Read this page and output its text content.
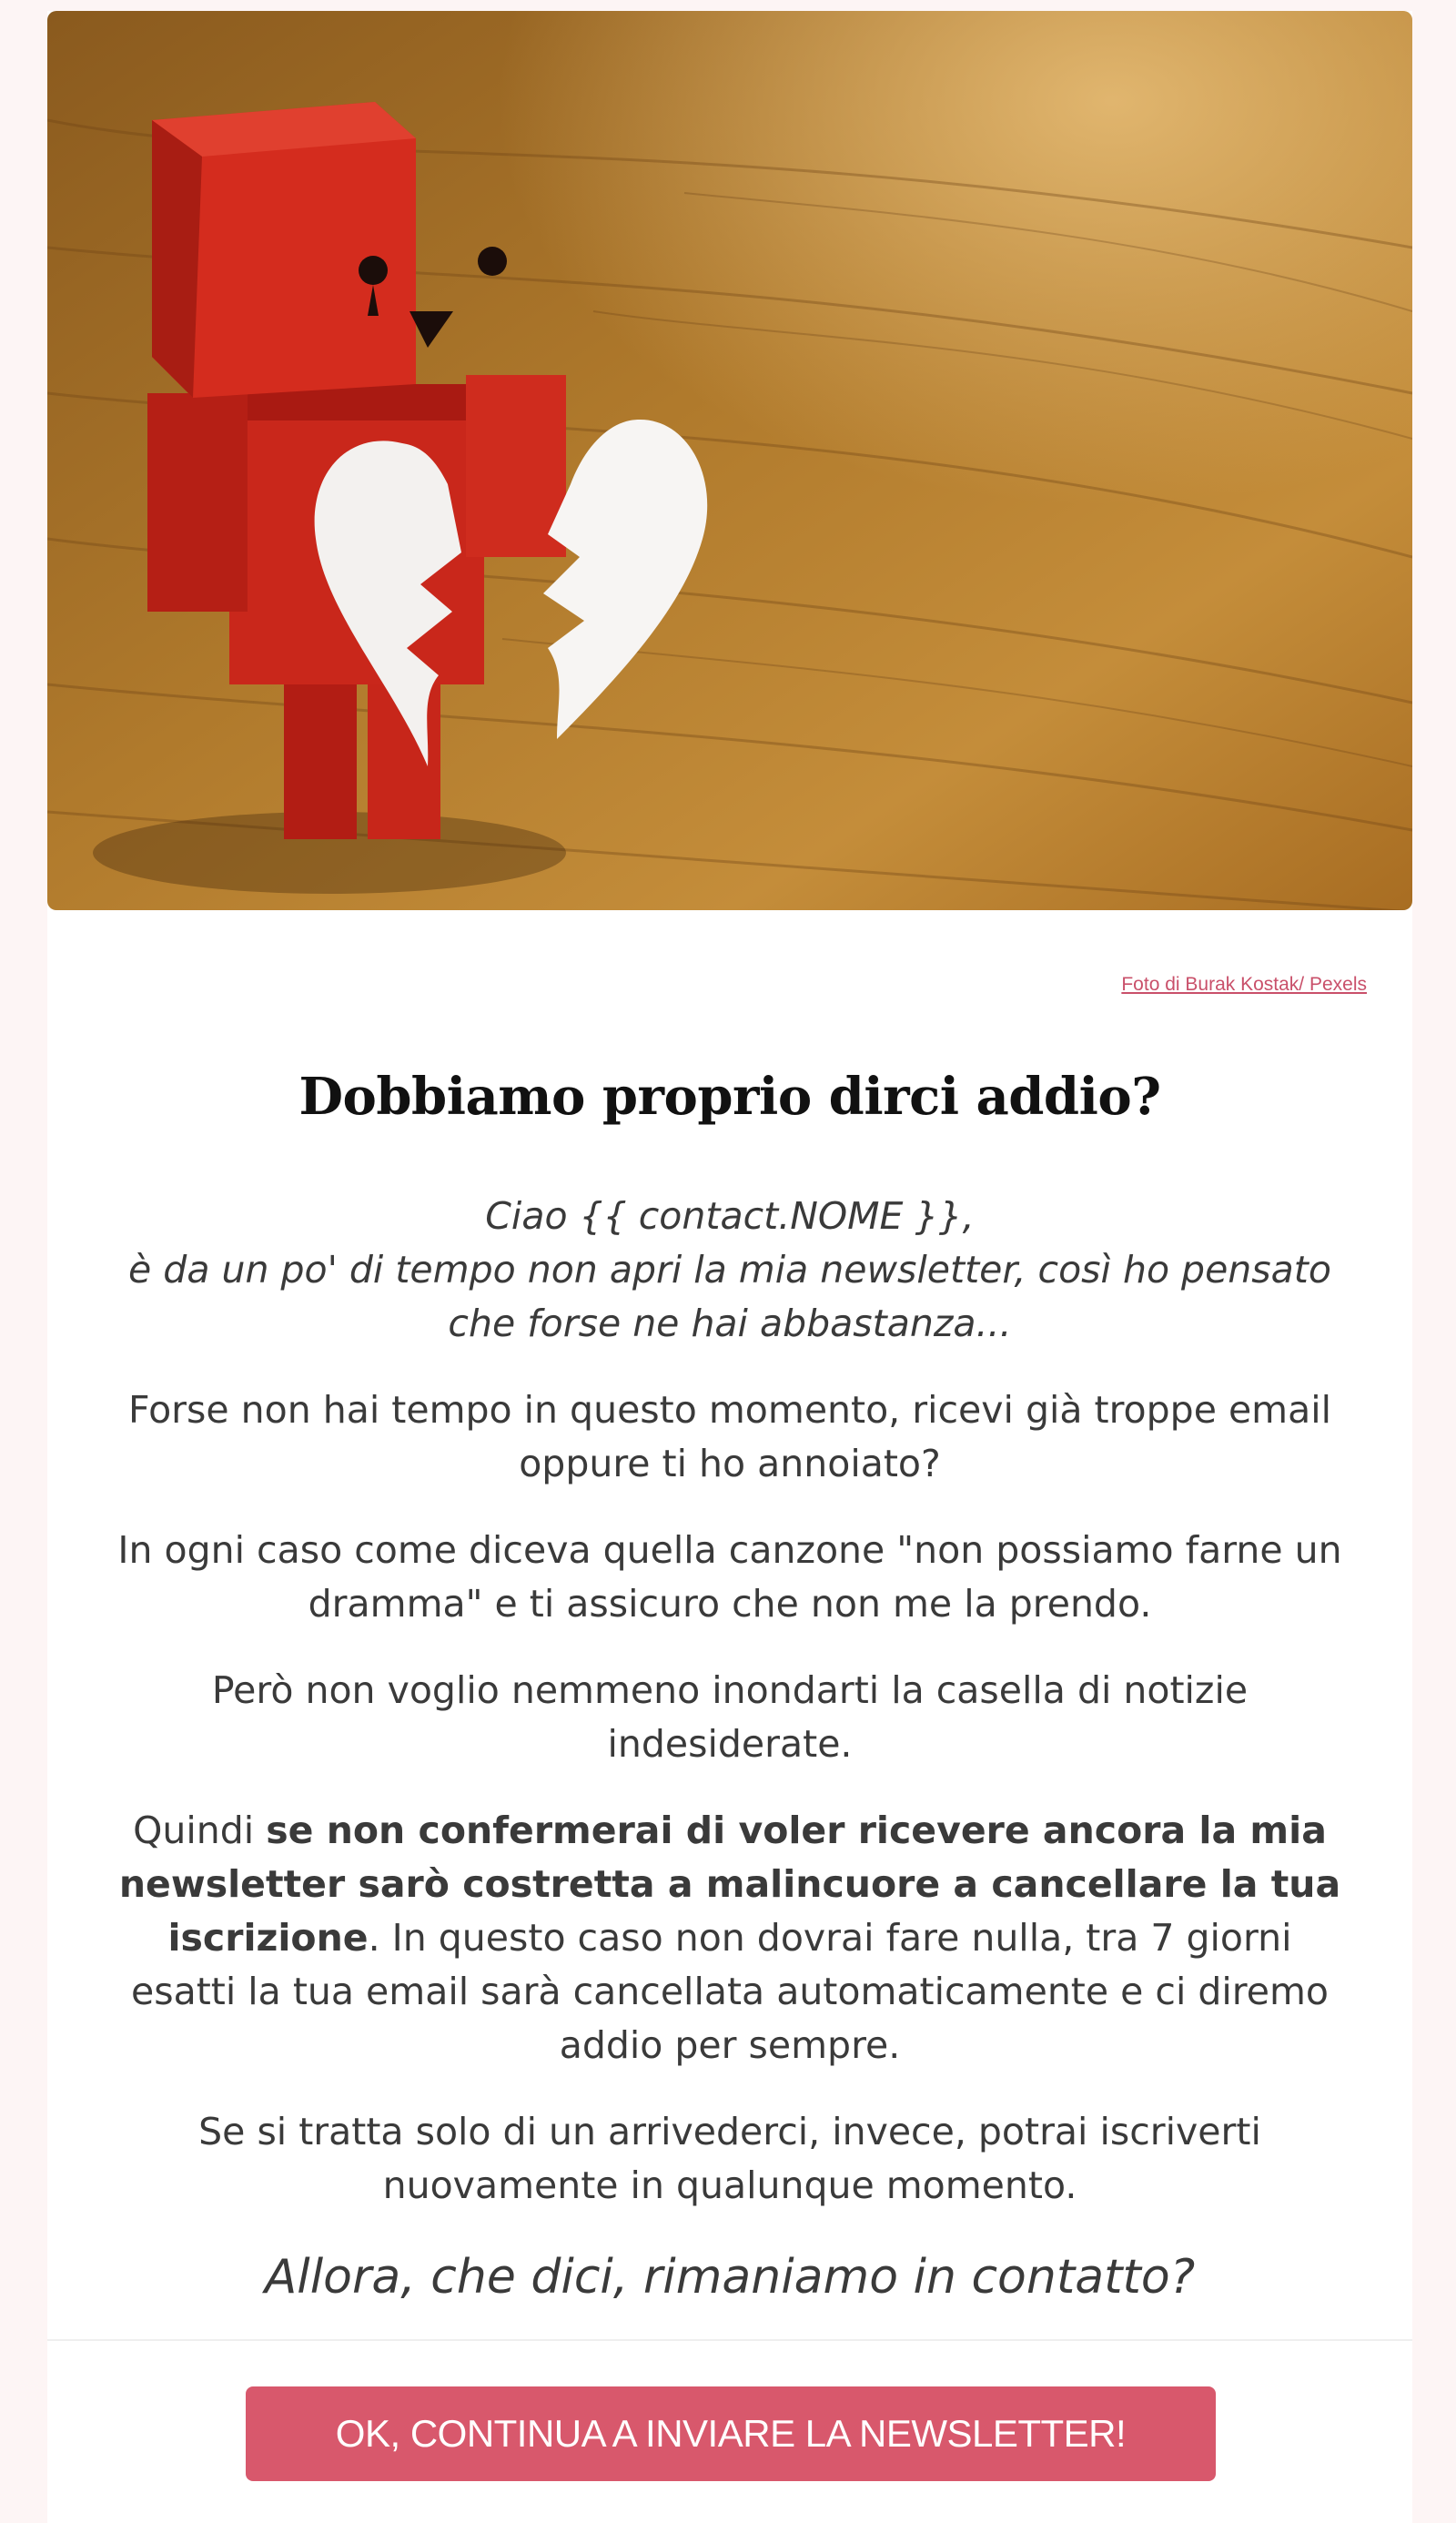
Foto di Burak Kostak/ Pexels
Dobbiamo proprio dirci addio?

Ciao {{ contact.NOME }},
è da un po' di tempo non apri la mia newsletter, così ho pensato che forse ne hai abbastanza...

Forse non hai tempo in questo momento, ricevi già troppe email oppure ti ho annoiato?

In ogni caso come diceva quella canzone "non possiamo farne un dramma" e ti assicuro che non me la prendo.

Però non voglio nemmeno inondarti la casella di notizie indesiderate.

Quindi se non confermerai di voler ricevere ancora la mia newsletter sarò costretta a malincuore a cancellare la tua iscrizione. In questo caso non dovrai fare nulla, tra 7 giorni esatti la tua email sarà cancellata automaticamente e ci diremo addio per sempre.

Se si tratta solo di un arrivederci, invece, potrai iscriverti nuovamente in qualunque momento.

Allora, che dici, rimaniamo in contatto?

OK, CONTINUA A INVIARE LA NEWSLETTER!
